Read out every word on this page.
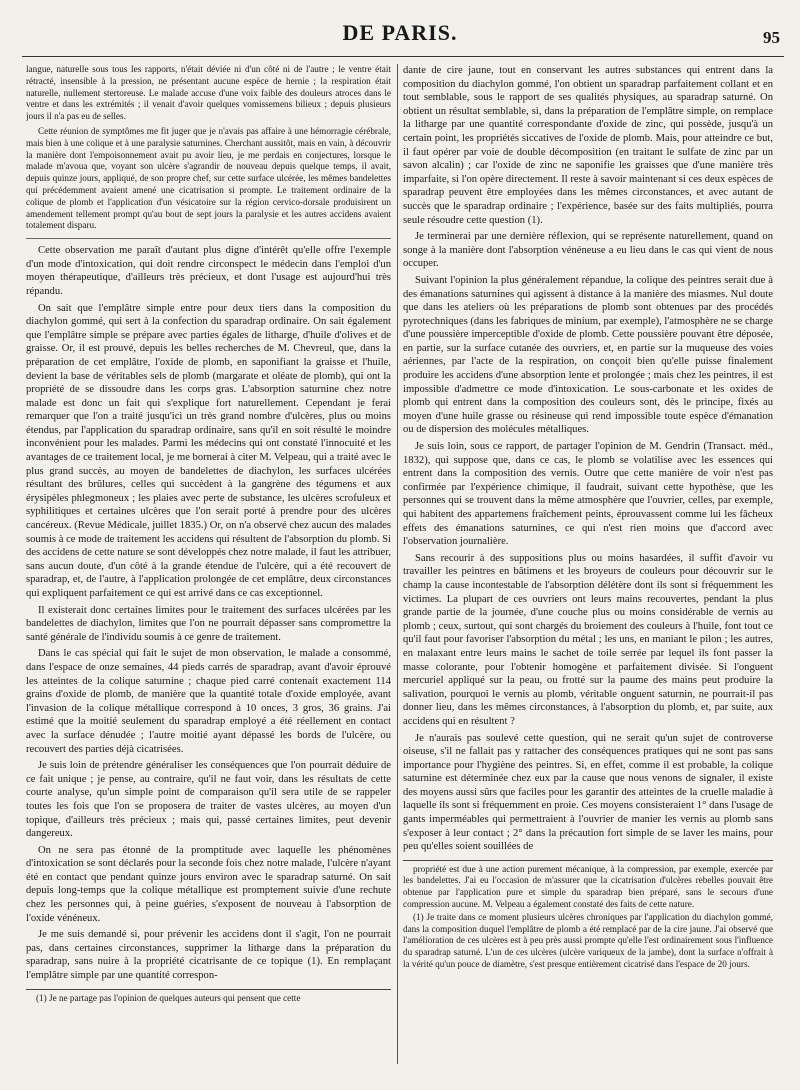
DE PARIS.	95

langue, naturelle sous tous les rapports, n'était déviée ni d'un côté ni de l'autre ; le ventre était rétracté, insensible à la pression, ne présentant aucune espèce de hernie ; la respiration était naturelle, nullement stertoreuse. Le malade accuse d'une voix faible des douleurs atroces dans le ventre et dans les extrémités ; il venait d'avoir quelques vomissemens bilieux ; depuis plusieurs jours il n'a pas eu de selles.

Cette réunion de symptômes me fit juger que je n'avais pas affaire à une hémorragie cérébrale, mais bien à une colique et à une paralysie saturnines. Cherchant aussitôt, mais en vain, à découvrir la manière dont l'empoisonnement avait pu avoir lieu, je me perdais en conjectures, lorsque le malade m'avoua que, voyant son ulcère s'agrandir de nouveau depuis quelque temps, il avait, depuis quinze jours, appliqué, de son propre chef, sur cette surface ulcérée, les mêmes bandelettes qui précédemment avaient amené une cicatrisation si prompte. Le traitement ordinaire de la colique de plomb et l'application d'un vésicatoire sur la région cervico-dorsale produisirent un amendement tellement prompt qu'au bout de sept jours la paralysie et les autres accidens avaient totalement disparu.

Cette observation me paraît d'autant plus digne d'intérêt qu'elle offre l'exemple d'un mode d'intoxication, qui doit rendre circonspect le médecin dans l'emploi d'un moyen thérapeutique, d'ailleurs très précieux, et dont l'usage est aujourd'hui très répandu.

On sait que l'emplâtre simple entre pour deux tiers dans la composition du diachylon gommé, qui sert à la confection du sparadrap ordinaire. On sait également que l'emplâtre simple se prépare avec parties égales de litharge, d'huile d'olives et de graisse. Or, il est prouvé, depuis les belles recherches de M. Chevreul, que, dans la préparation de cet emplâtre, l'oxide de plomb, en saponifiant la graisse et l'huile, devient la base de véritables sels de plomb (margarate et oléate de plomb), qui ont la propriété de se dissoudre dans les corps gras. L'absorption saturnine chez notre malade est donc un fait qui s'explique fort naturellement. Cependant je ferai remarquer que l'on a traité jusqu'ici un très grand nombre d'ulcères, plus ou moins étendus, par l'application du sparadrap ordinaire, sans qu'il en soit résulté le moindre inconvénient pour les malades. Parmi les médecins qui ont constaté l'innocuité et les avantages de ce traitement local, je me bornerai à citer M. Velpeau, qui a traité avec le plus grand succès, au moyen de bandelettes de diachylon, les surfaces ulcérées résultant des brûlures, celles qui succèdent à la gangrène des tégumens et aux érysipèles phlegmoneux ; les plaies avec perte de substance, les ulcères scrofuleux et syphilitiques et certaines ulcères que l'on serait porté à prendre pour des ulcères cancéreux. (Revue Médicale, juillet 1835.) Or, on n'a observé chez aucun des malades soumis à ce mode de traitement les accidens qui résultent de l'absorption du plomb. Si des accidens de cette nature se sont développés chez notre malade, il faut les attribuer, sans aucun doute, d'un côté à la grande étendue de l'ulcère, qui a été recouvert de sparadrap, et, de l'autre, à l'application prolongée de cet emplâtre, deux circonstances qui expliquent parfaitement ce qui est arrivé dans ce cas exceptionnel.

Il existerait donc certaines limites pour le traitement des surfaces ulcérées par les bandelettes de diachylon, limites que l'on ne pourrait dépasser sans compromettre la santé générale de l'individu soumis à ce genre de traitement.

Dans le cas spécial qui fait le sujet de mon observation, le malade a consommé, dans l'espace de onze semaines, 44 pieds carrés de sparadrap, avant d'avoir éprouvé les atteintes de la colique saturnine ; chaque pied carré contenait exactement 114 grains d'oxide de plomb, de manière que la quantité totale d'oxide employée, avant l'invasion de la colique métallique correspond à 10 onces, 3 gros, 36 grains. J'ai estimé que la moitié seulement du sparadrap employé a été réellement en contact avec la surface dénudée ; l'autre moitié ayant dépassé les bords de l'ulcère, ou recouvert des parties déjà cicatrisées.

Je suis loin de prétendre généraliser les conséquences que l'on pourrait déduire de ce fait unique ; je pense, au contraire, qu'il ne faut voir, dans les résultats de cette courte analyse, qu'un simple point de comparaison qu'il sera utile de se rappeler toutes les fois que l'on se proposera de traiter de vastes ulcères, au moyen d'un topique, d'ailleurs très précieux ; mais qui, passé certaines limites, peut devenir dangereux.

On ne sera pas étonné de la promptitude avec laquelle les phénomènes d'intoxication se sont déclarés pour la seconde fois chez notre malade, l'ulcère n'ayant été en contact que pendant quinze jours environ avec le sparadrap saturné. On sait depuis long-temps que la colique métallique est promptement suivie d'une rechute chez les personnes qui, à peine guéries, s'exposent de nouveau à l'absorption de l'oxide vénéneux.

Je me suis demandé si, pour prévenir les accidens dont il s'agit, l'on ne pourrait pas, dans certaines circonstances, supprimer la litharge dans la préparation du sparadrap, sans nuire à la propriété cicatrisante de ce topique (1). En remplaçant l'emplâtre simple par une quantité correspon-

(1) Je ne partage pas l'opinion de quelques auteurs qui pensent que cette

dante de cire jaune, tout en conservant les autres substances qui entrent dans la composition du diachylon gommé, l'on obtient un sparadrap parfaitement collant et en tout semblable, sous le rapport de ses qualités physiques, au sparadrap saturné. On obtient un résultat semblable, si, dans la préparation de l'emplâtre simple, on remplace la litharge par une quantité correspondante d'oxide de zinc, qui possède, jusqu'à un certain point, les propriétés siccatives de l'oxide de plomb. Mais, pour atteindre ce but, il faut opérer par voie de double décomposition (en traitant le sulfate de zinc par un savon alcalin) ; car l'oxide de zinc ne saponifie les graisses que d'une manière très imparfaite, si l'on opère directement. Il reste à savoir maintenant si ces deux espèces de sparadrap peuvent être employées dans les mêmes circonstances, et avec autant de succès que le sparadrap ordinaire ; l'expérience, basée sur des faits multipliés, pourra seule résoudre cette question (1).

Je terminerai par une dernière réflexion, qui se représente naturellement, quand on songe à la manière dont l'absorption vénéneuse a eu lieu dans le cas qui vient de nous occuper.

Suivant l'opinion la plus généralement répandue, la colique des peintres serait due à des émanations saturnines qui agissent à distance à la manière des miasmes. Nul doute que dans les ateliers où les préparations de plomb sont obtenues par des procédés pyrotechniques (dans les fabriques de minium, par exemple), l'atmosphère ne se charge d'une poussière imperceptible d'oxide de plomb. Cette poussière pouvant être déposée, en partie, sur la surface cutanée des ouvriers, et, en partie sur la muqueuse des voies aériennes, par l'acte de la respiration, on conçoit bien qu'elle puisse finalement produire les accidens d'une absorption lente et prolongée ; mais chez les peintres, il est impossible d'admettre ce mode d'intoxication. Le sous-carbonate et les oxides de plomb qui entrent dans la composition des couleurs sont, dès le principe, fixés au moyen d'une huile grasse ou résineuse qui rend impossible toute espèce d'émanation ou de dispersion des molécules métalliques.

Je suis loin, sous ce rapport, de partager l'opinion de M. Gendrin (Transact. méd., 1832), qui suppose que, dans ce cas, le plomb se volatilise avec les essences qui entrent dans la composition des vernis. Outre que cette manière de voir n'est pas confirmée par l'expérience chimique, il faudrait, suivant cette hypothèse, que les personnes qui se trouvent dans la même atmosphère que l'ouvrier, celles, par exemple, qui habitent des appartemens fraîchement peints, éprouvassent comme lui les fâcheux effets des émanations saturnines, ce qui n'est rien moins que d'accord avec l'observation journalière.

Sans recourir à des suppositions plus ou moins hasardées, il suffit d'avoir vu travailler les peintres en bâtimens et les broyeurs de couleurs pour découvrir sur le champ la cause incontestable de l'absorption délétère dont ils sont si fréquemment les victimes. La plupart de ces ouvriers ont leurs mains recouvertes, pendant la plus grande partie de la journée, d'une couche plus ou moins considérable de vernis au plomb ; ceux, surtout, qui sont chargés du broiement des couleurs à l'huile, font tout ce qu'il faut pour favoriser l'absorption du métal ; les uns, en maniant le pilon ; les autres, en malaxant entre leurs mains le sachet de toile serrée par lequel ils font passer la masse colorante, pour l'obtenir homogène et parfaitement divisée. Si l'onguent mercuriel appliqué sur la peau, ou frotté sur la paume des mains peut produire la salivation, pourquoi le vernis au plomb, véritable onguent saturnin, ne pourrait-il pas donner lieu, dans les mêmes circonstances, à l'absorption du plomb, et, par suite, aux accidens qui en résultent ?

Je n'aurais pas soulevé cette question, qui ne serait qu'un sujet de controverse oiseuse, s'il ne fallait pas y rattacher des conséquences pratiques qui ne sont pas sans importance pour l'hygiène des peintres. Si, en effet, comme il est probable, la colique saturnine est déterminée chez eux par la cause que nous venons de signaler, il existe des moyens aussi sûrs que faciles pour les garantir des atteintes de la cruelle maladie à laquelle ils sont si fréquemment en proie. Ces moyens consisteraient 1° dans l'usage de gants imperméables qui permettraient à l'ouvrier de manier les vernis au plomb sans s'exposer à leur contact ; 2° dans la précaution fort simple de se laver les mains, pour peu qu'elles soient souillées de

propriété est due à une action purement mécanique, à la compression, par exemple, exercée par les bandelettes. J'ai eu l'occasion de m'assurer que la cicatrisation d'ulcères rebelles pouvait être obtenue par l'application pure et simple du sparadrap bien préparé, sans le secours d'une compression aucune. M. Velpeau a également constaté des faits de cette nature.

(1) Je traite dans ce moment plusieurs ulcères chroniques par l'application du diachylon gommé, dans la composition duquel l'emplâtre de plomb a été remplacé par de la cire jaune. J'ai observé que l'amélioration de ces ulcères est à peu près aussi prompte qu'elle l'est ordinairement sous l'influence du sparadrap saturné. L'un de ces ulcères (ulcère variqueux de la jambe), dont la surface n'offrait à la vérité qu'un pouce de diamètre, s'est presque entièrement cicatrisé dans l'espace de 20 jours.
